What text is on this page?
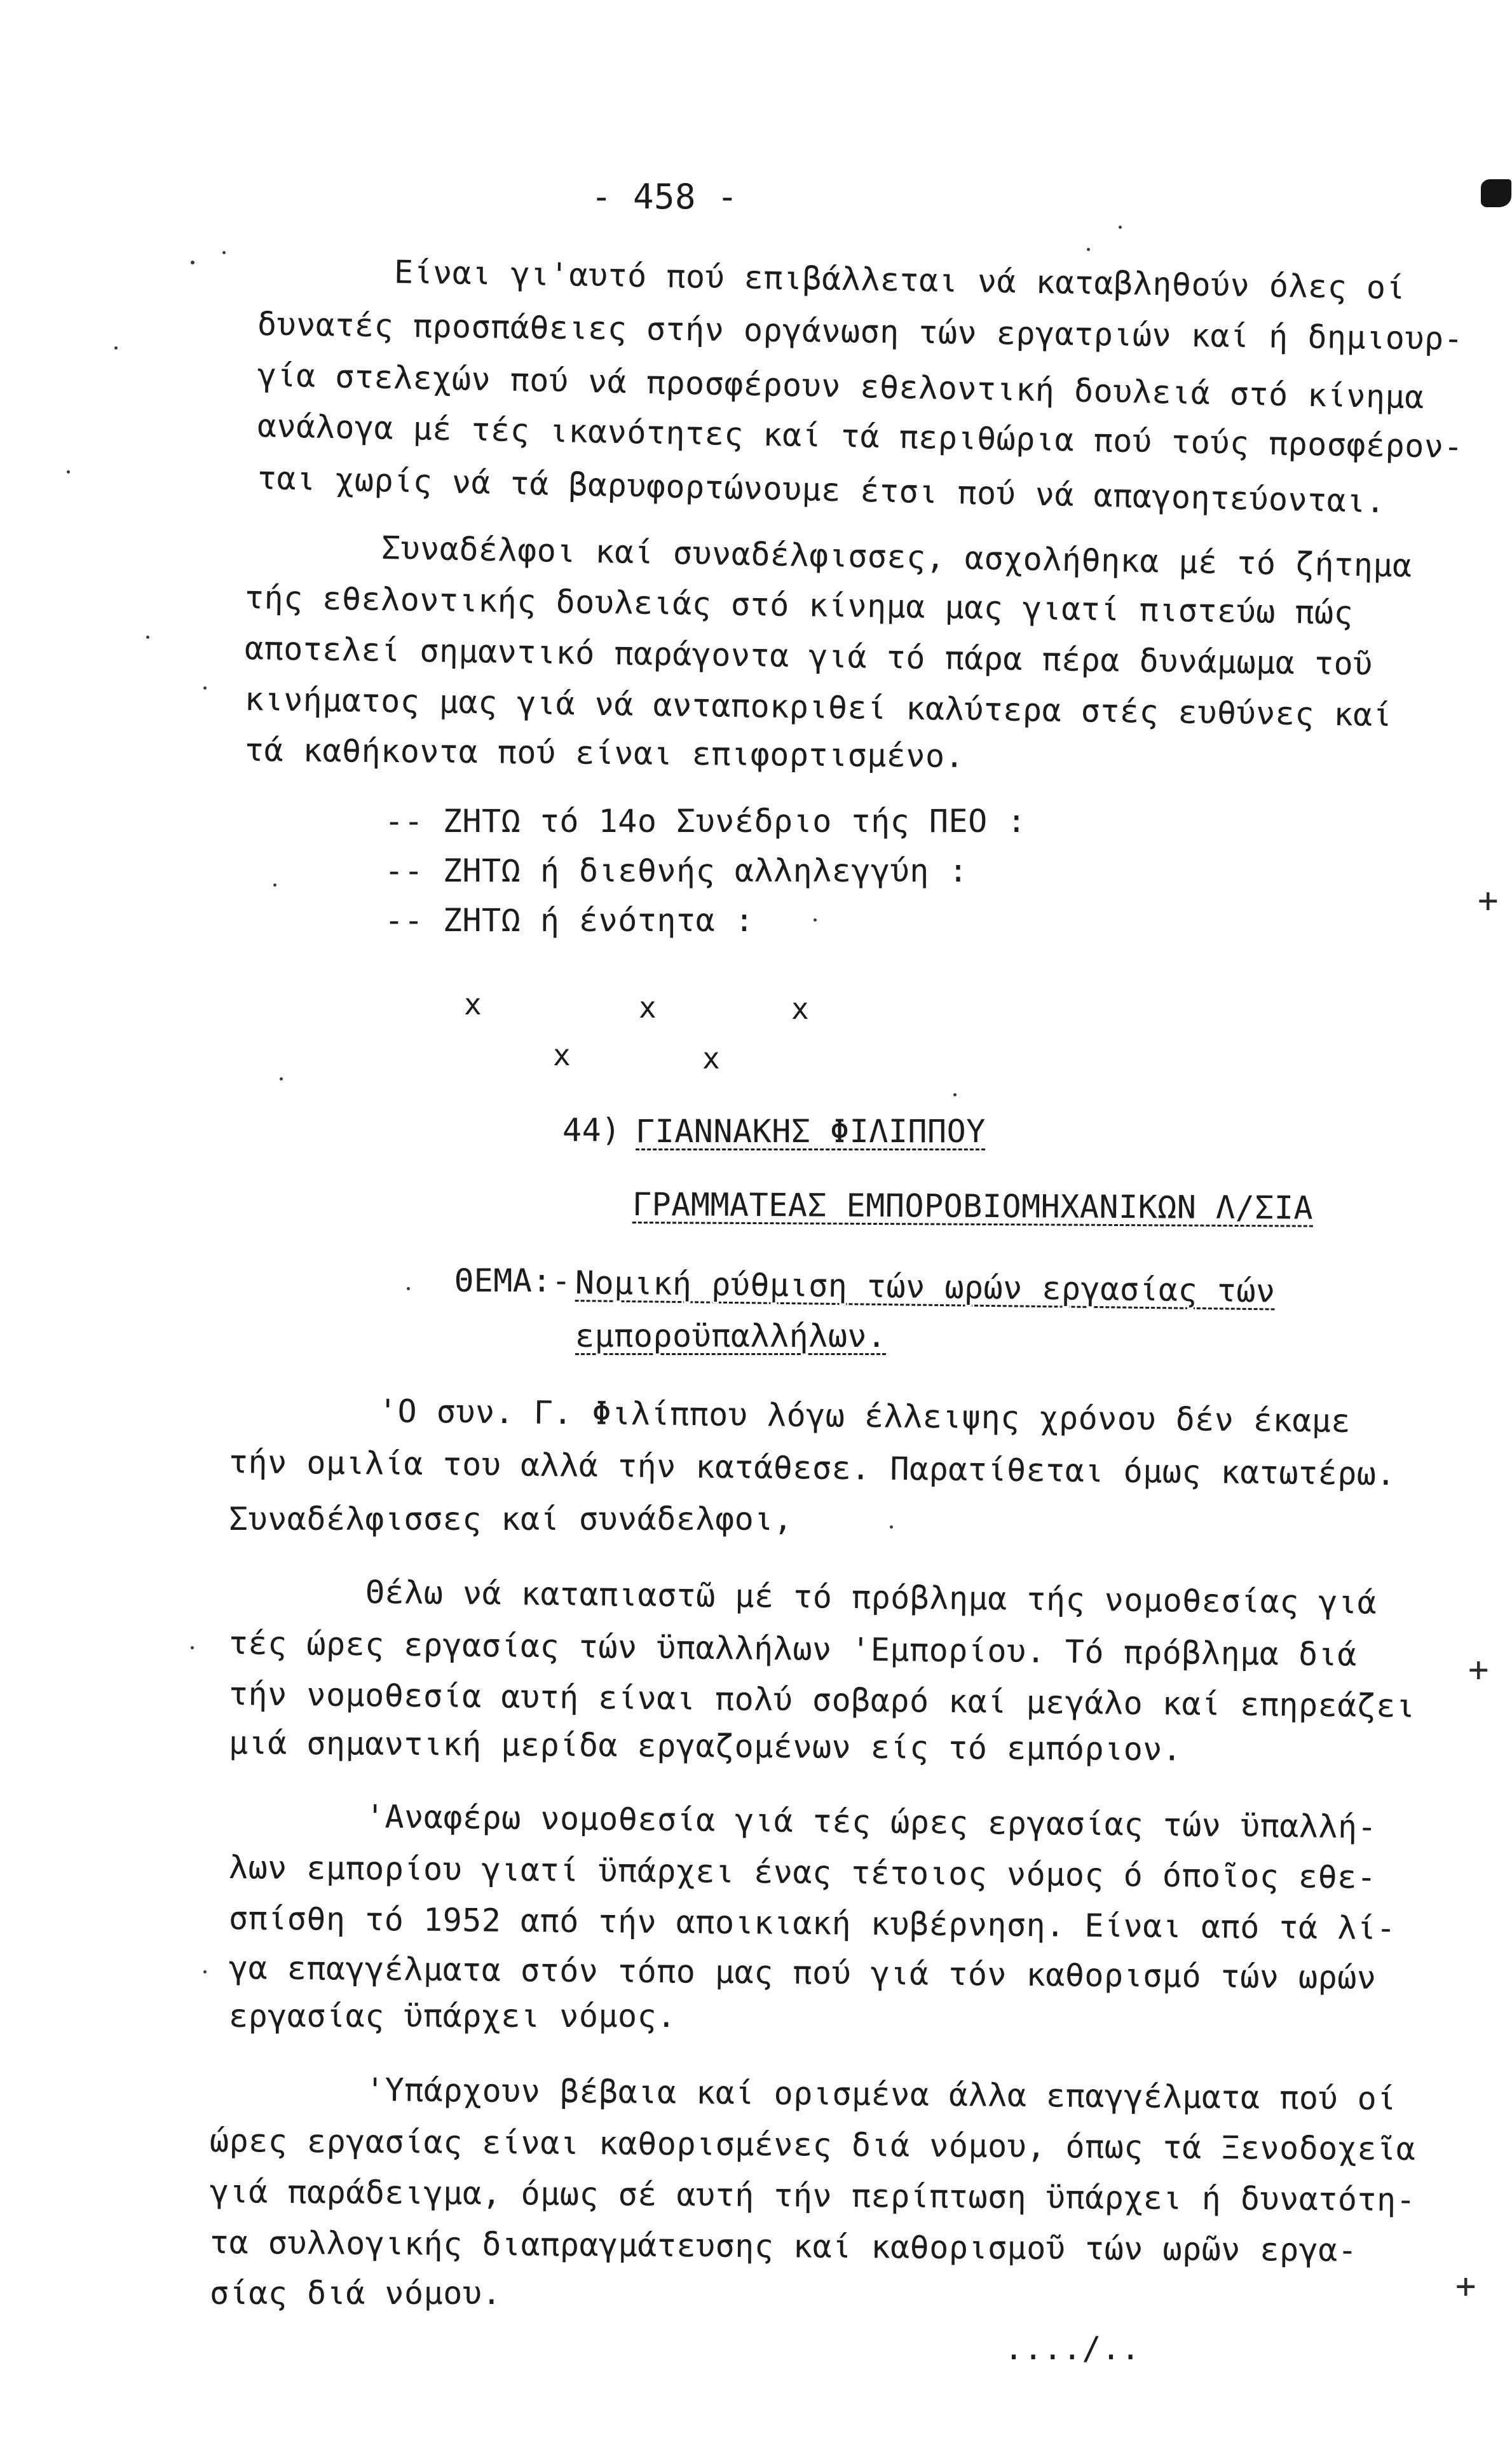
- 458 -
Είναι γι'αυτό πού επιβάλλεται νά καταβληθούν όλες οί
δυνατές προσπάθειες στήν οργάνωση τών εργατριών καί ή δημιουρ-
γία στελεχών πού νά προσφέρουν εθελοντική δουλειά στό κίνημα
ανάλογα μέ τές ικανότητες καί τά περιθώρια πού τούς προσφέρον-
ται χωρίς νά τά βαρυφορτώνουμε έτσι πού νά απαγοητεύονται.
Συναδέλφοι καί συναδέλφισσες, ασχολήθηκα μέ τό ζήτημα
τής εθελοντικής δουλειάς στό κίνημα μας γιατί πιστεύω πώς
αποτελεί σημαντικό παράγοντα γιά τό πάρα πέρα δυνάμωμα τοῦ
κινήματος μας γιά νά ανταποκριθεί καλύτερα στές ευθύνες καί
τά καθήκοντα πού είναι επιφορτισμένο.
-- ΖΗΤΩ τό 14ο Συνέδριο τής ΠΕΟ :
-- ΖΗΤΩ ή διεθνής αλληλεγγύη :
-- ΖΗΤΩ ή ένότητα :
x	x	x
x	x
44) ΓΙΑΝΝΑΚΗΣ ΦΙΛΙΠΠΟΥ
ΓΡΑΜΜΑΤΕΑΣ ΕΜΠΟΡΟΒΙΟΜΗΧΑΝΙΚΩΝ Λ/ΣΙΑ
ΘΕΜΑ:- Νομική ρύθμιση τών ωρών εργασίας τών
εμποροϋπαλλήλων.
'Ο συν. Γ. Φιλίππου λόγω έλλειψης χρόνου δέν έκαμε
τήν ομιλία του αλλά τήν κατάθεσε. Παρατίθεται όμως κατωτέρω.
Συναδέλφισσες καί συνάδελφοι,
Θέλω νά καταπιαστῶ μέ τό πρόβλημα τής νομοθεσίας γιά
τές ώρες εργασίας τών ϋπαλλήλων 'Εμπορίου. Τό πρόβλημα διά
τήν νομοθεσία αυτή είναι πολύ σοβαρό καί μεγάλο καί επηρεάζει
μιά σημαντική μερίδα εργαζομένων είς τό εμπόριον.
'Αναφέρω νομοθεσία γιά τές ώρες εργασίας τών ϋπαλλή-
λων εμπορίου γιατί ϋπάρχει ένας τέτοιος νόμος ό όποῖος εθε-
σπίσθη τό 1952 από τήν αποικιακή κυβέρνηση. Είναι από τά λί-
γα επαγγέλματα στόν τόπο μας πού γιά τόν καθορισμό τών ωρών
εργασίας ϋπάρχει νόμος.
'Υπάρχουν βέβαια καί ορισμένα άλλα επαγγέλματα πού οί
ώρες εργασίας είναι καθορισμένες διά νόμου, όπως τά Ξενοδοχεῖα
γιά παράδειγμα, όμως σέ αυτή τήν περίπτωση ϋπάρχει ή δυνατότη-
τα συλλογικής διαπραγμάτευσης καί καθορισμοῦ τών ωρῶν εργα-
σίας διά νόμου.
..../..
+
+
+
